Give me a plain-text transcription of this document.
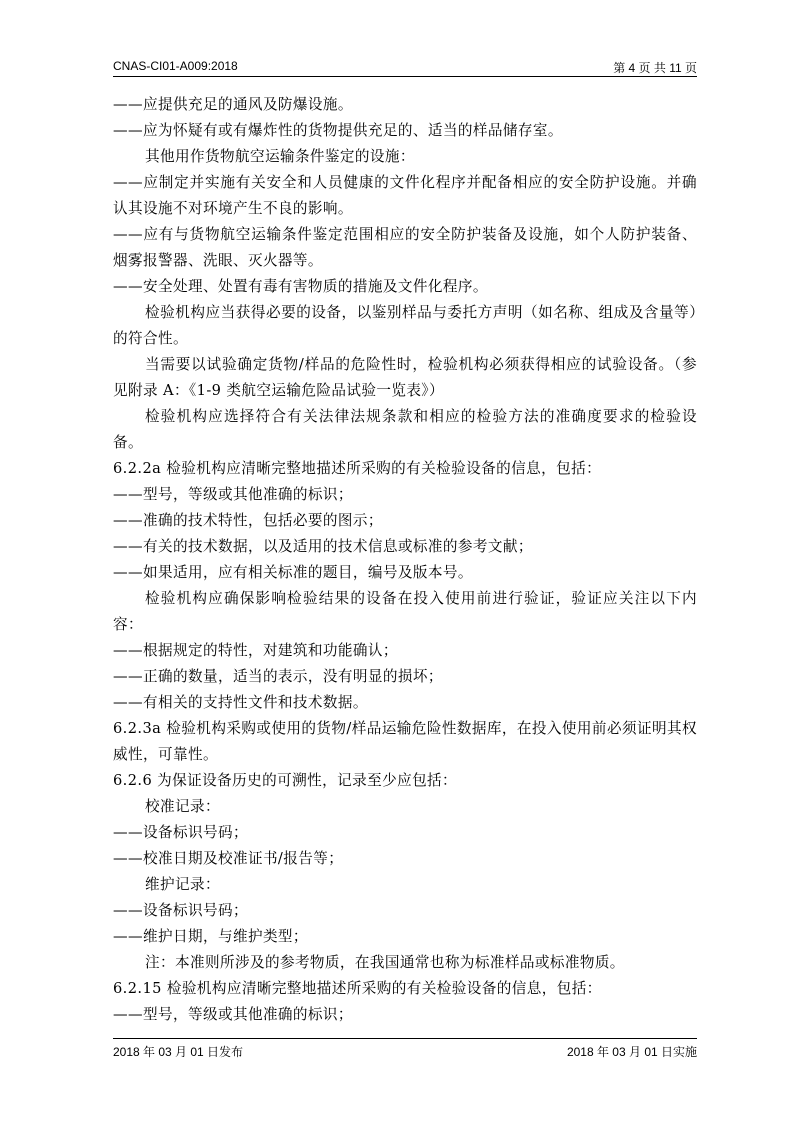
CNAS-CI01-A009:2018	第 4 页 共 11 页

——应提供充足的通风及防爆设施。

——应为怀疑有或有爆炸性的货物提供充足的、适当的样品储存室。

其他用作货物航空运输条件鉴定的设施：

——应制定并实施有关安全和人员健康的文件化程序并配备相应的安全防护设施。并确认其设施不对环境产生不良的影响。

——应有与货物航空运输条件鉴定范围相应的安全防护装备及设施，如个人防护装备、烟雾报警器、洗眼、灭火器等。

——安全处理、处置有毒有害物质的措施及文件化程序。

检验机构应当获得必要的设备，以鉴别样品与委托方声明（如名称、组成及含量等）的符合性。

当需要以试验确定货物/样品的危险性时，检验机构必须获得相应的试验设备。（参见附录 A：《1-9 类航空运输危险品试验一览表》）

检验机构应选择符合有关法律法规条款和相应的检验方法的准确度要求的检验设备。

6.2.2a 检验机构应清晰完整地描述所采购的有关检验设备的信息，包括：

——型号，等级或其他准确的标识；

——准确的技术特性，包括必要的图示；

——有关的技术数据，以及适用的技术信息或标准的参考文献；

——如果适用，应有相关标准的题目，编号及版本号。

检验机构应确保影响检验结果的设备在投入使用前进行验证，验证应关注以下内容：

——根据规定的特性，对建筑和功能确认；

——正确的数量，适当的表示，没有明显的损坏；

——有相关的支持性文件和技术数据。

6.2.3a 检验机构采购或使用的货物/样品运输危险性数据库，在投入使用前必须证明其权威性，可靠性。

6.2.6 为保证设备历史的可溯性，记录至少应包括：

校准记录：

——设备标识号码；

——校准日期及校准证书/报告等；

维护记录：

——设备标识号码；

——维护日期，与维护类型；

注：本准则所涉及的参考物质，在我国通常也称为标准样品或标准物质。

6.2.15 检验机构应清晰完整地描述所采购的有关检验设备的信息，包括：

——型号，等级或其他准确的标识；

2018 年 03 月 01 日发布	2018 年 03 月 01 日实施
